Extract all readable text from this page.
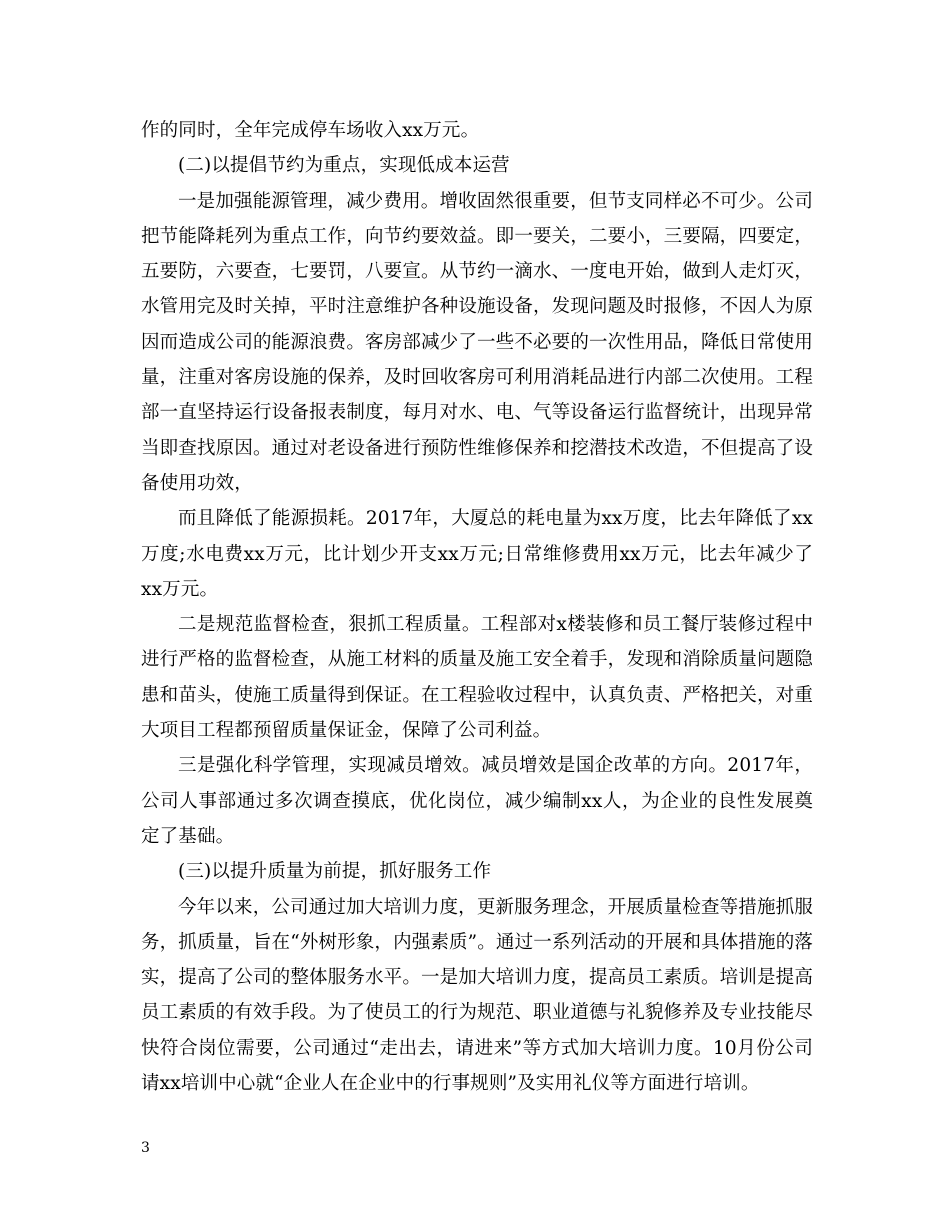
作的同时，全年完成停车场收入xx万元。

(二)以提倡节约为重点，实现低成本运营

一是加强能源管理，减少费用。增收固然很重要，但节支同样必不可少。公司把节能降耗列为重点工作，向节约要效益。即一要关，二要小，三要隔，四要定，五要防，六要查，七要罚，八要宣。从节约一滴水、一度电开始，做到人走灯灭，水管用完及时关掉，平时注意维护各种设施设备，发现问题及时报修，不因人为原因而造成公司的能源浪费。客房部减少了一些不必要的一次性用品，降低日常使用量，注重对客房设施的保养，及时回收客房可利用消耗品进行内部二次使用。工程部一直坚持运行设备报表制度，每月对水、电、气等设备运行监督统计，出现异常当即查找原因。通过对老设备进行预防性维修保养和挖潜技术改造，不但提高了设备使用功效，

而且降低了能源损耗。2017年，大厦总的耗电量为xx万度，比去年降低了xx万度;水电费xx万元，比计划少开支xx万元;日常维修费用xx万元，比去年减少了xx万元。

二是规范监督检查，狠抓工程质量。工程部对x楼装修和员工餐厅装修过程中进行严格的监督检查，从施工材料的质量及施工安全着手，发现和消除质量问题隐患和苗头，使施工质量得到保证。在工程验收过程中，认真负责、严格把关，对重大项目工程都预留质量保证金，保障了公司利益。

三是强化科学管理，实现减员增效。减员增效是国企改革的方向。2017年，公司人事部通过多次调查摸底，优化岗位，减少编制xx人，为企业的良性发展奠定了基础。

(三)以提升质量为前提，抓好服务工作

今年以来，公司通过加大培训力度，更新服务理念，开展质量检查等措施抓服务，抓质量，旨在“外树形象，内强素质”。通过一系列活动的开展和具体措施的落实，提高了公司的整体服务水平。一是加大培训力度，提高员工素质。培训是提高员工素质的有效手段。为了使员工的行为规范、职业道德与礼貌修养及专业技能尽快符合岗位需要，公司通过“走出去，请进来”等方式加大培训力度。10月份公司请xx培训中心就“企业人在企业中的行事规则”及实用礼仪等方面进行培训。

3
